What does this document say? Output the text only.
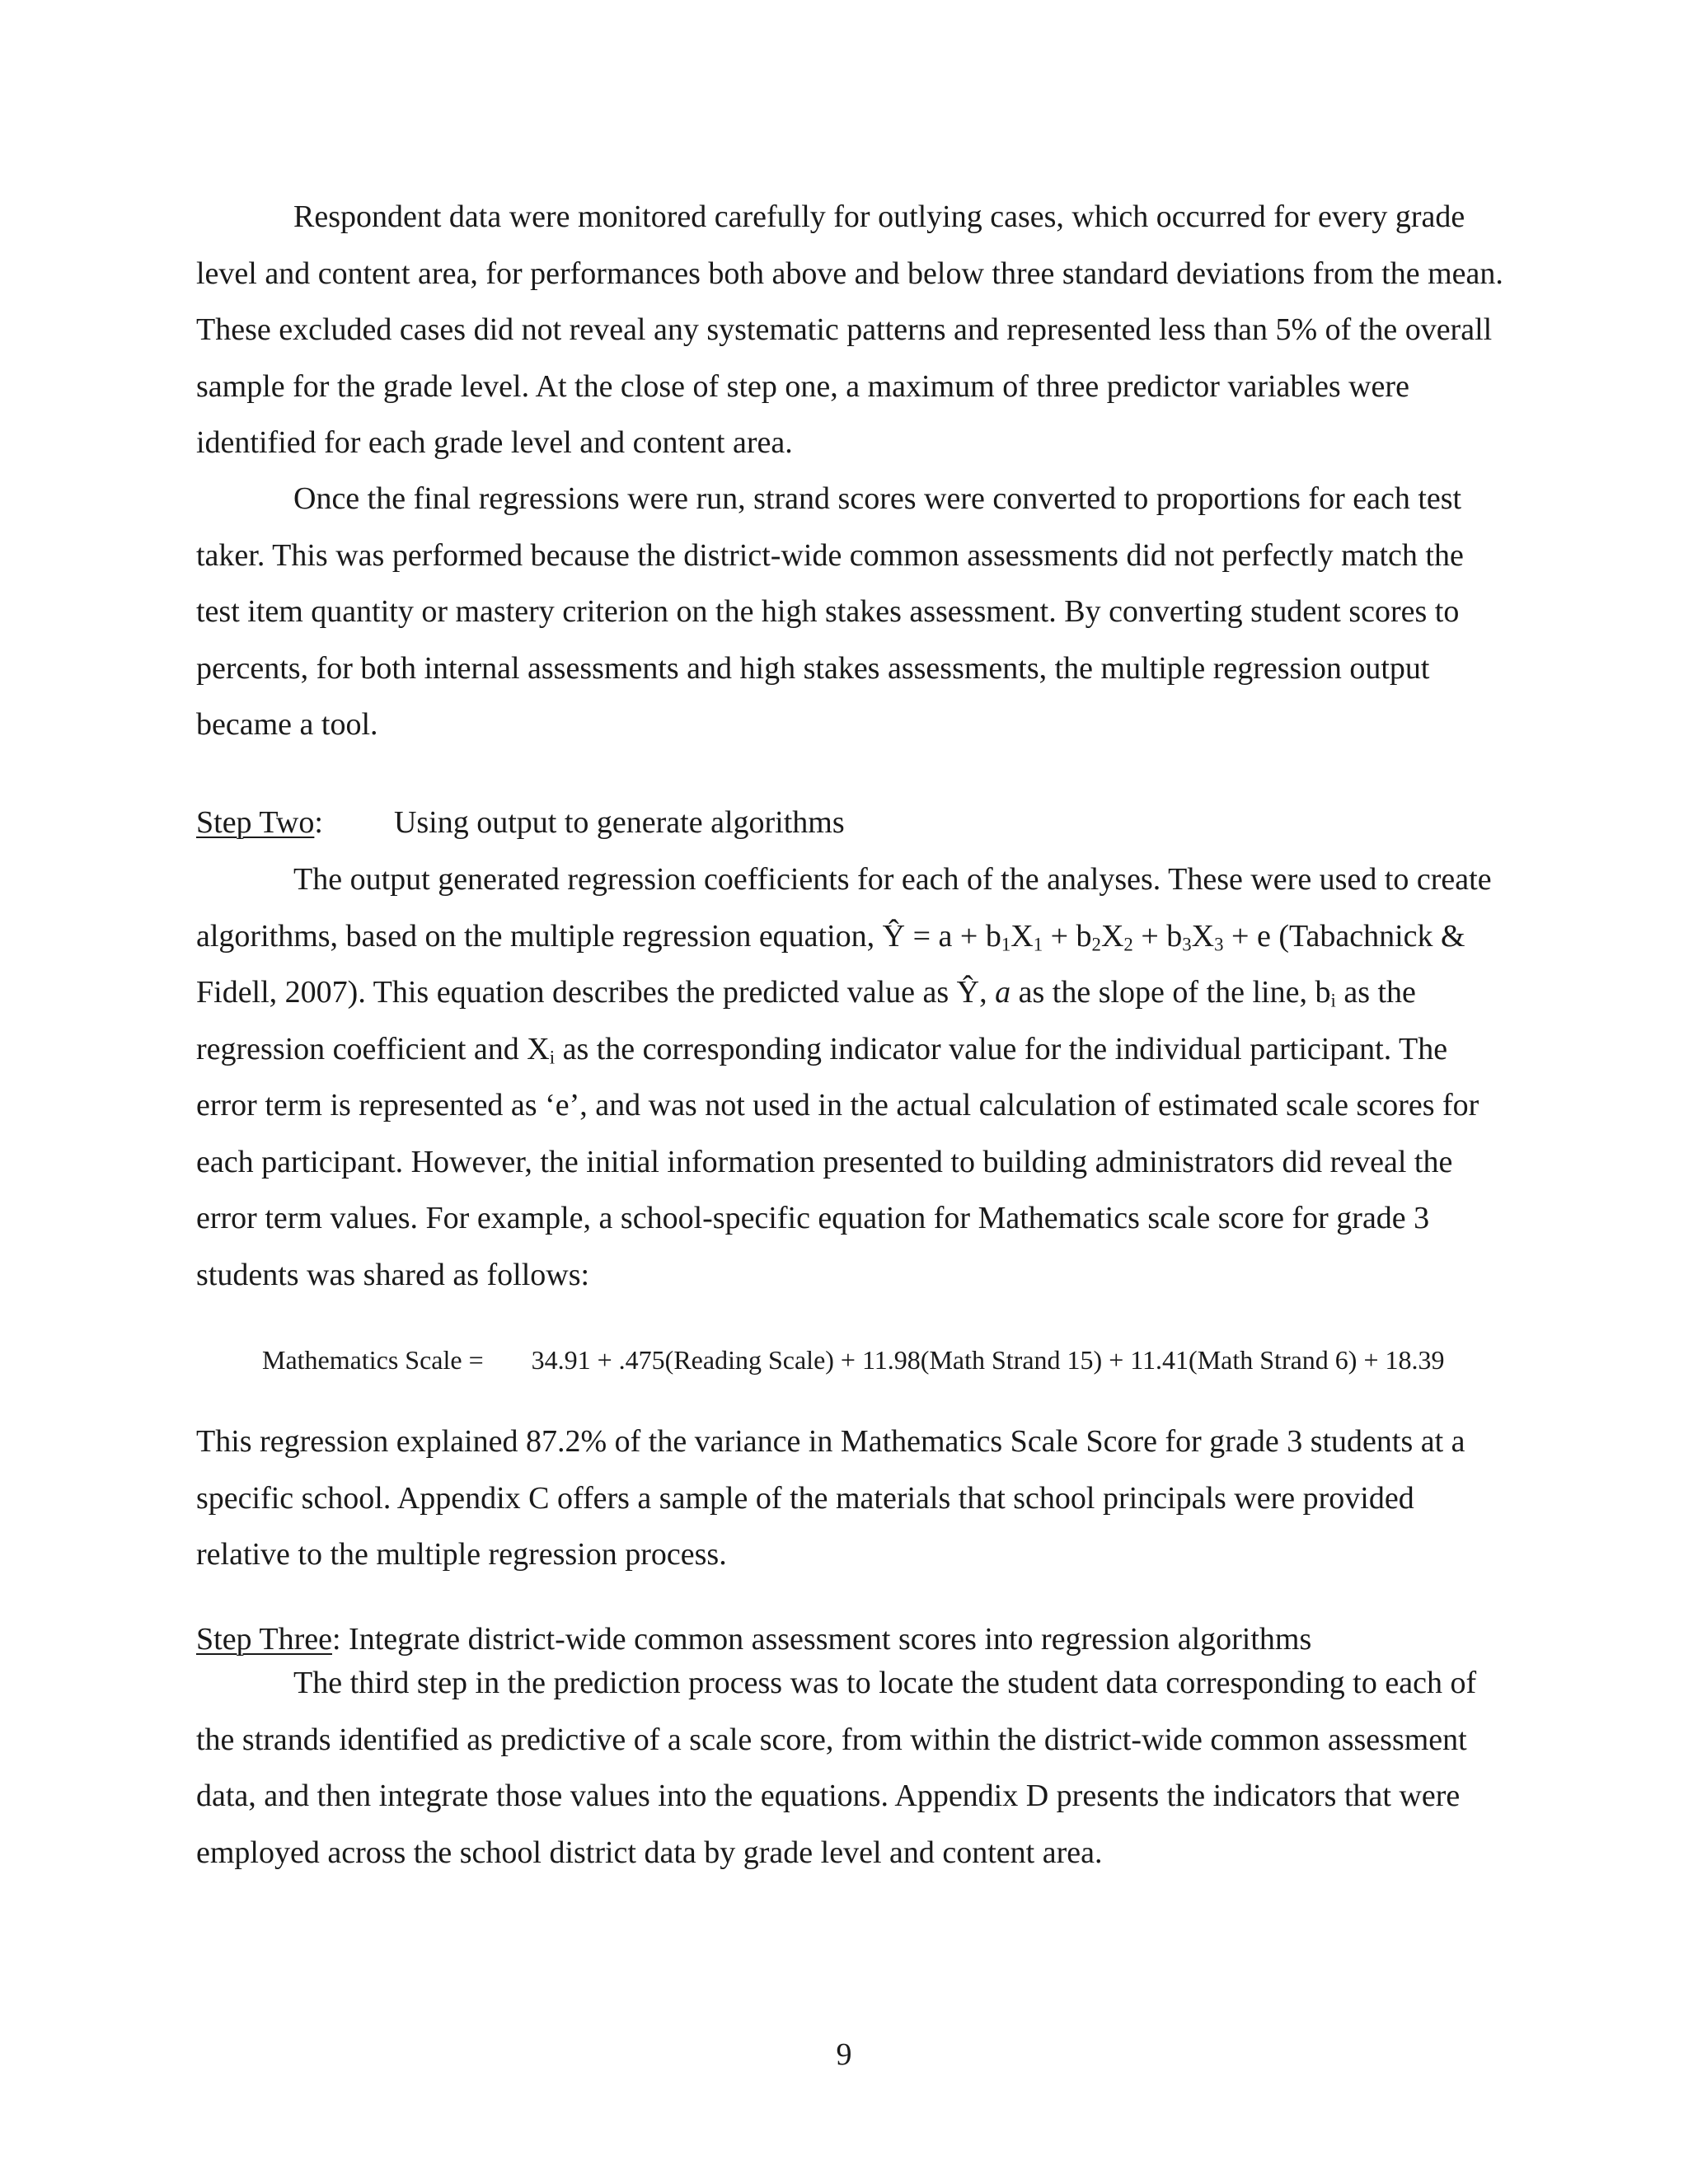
Respondent data were monitored carefully for outlying cases, which occurred for every grade level and content area, for performances both above and below three standard deviations from the mean. These excluded cases did not reveal any systematic patterns and represented less than 5% of the overall sample for the grade level. At the close of step one, a maximum of three predictor variables were identified for each grade level and content area.

Once the final regressions were run, strand scores were converted to proportions for each test taker. This was performed because the district-wide common assessments did not perfectly match the test item quantity or mastery criterion on the high stakes assessment. By converting student scores to percents, for both internal assessments and high stakes assessments, the multiple regression output became a tool.

Step Two: Using output to generate algorithms

The output generated regression coefficients for each of the analyses. These were used to create algorithms, based on the multiple regression equation, Ŷ = $a + b_1X_1 + b_2X_2 + b_3X_3 + e$ (Tabachnick & Fidell, 2007). This equation describes the predicted value as Ŷ, a as the slope of the line, $b_i$ as the regression coefficient and $X_i$ as the corresponding indicator value for the individual participant. The error term is represented as ‘e’, and was not used in the actual calculation of estimated scale scores for each participant. However, the initial information presented to building administrators did reveal the error term values. For example, a school-specific equation for Mathematics scale score for grade 3 students was shared as follows:

Mathematics Scale = 34.91 + .475(Reading Scale) + 11.98(Math Strand 15) + 11.41(Math Strand 6) + 18.39

This regression explained 87.2% of the variance in Mathematics Scale Score for grade 3 students at a specific school. Appendix C offers a sample of the materials that school principals were provided relative to the multiple regression process.

Step Three: Integrate district-wide common assessment scores into regression algorithms

The third step in the prediction process was to locate the student data corresponding to each of the strands identified as predictive of a scale score, from within the district-wide common assessment data, and then integrate those values into the equations. Appendix D presents the indicators that were employed across the school district data by grade level and content area.

9
